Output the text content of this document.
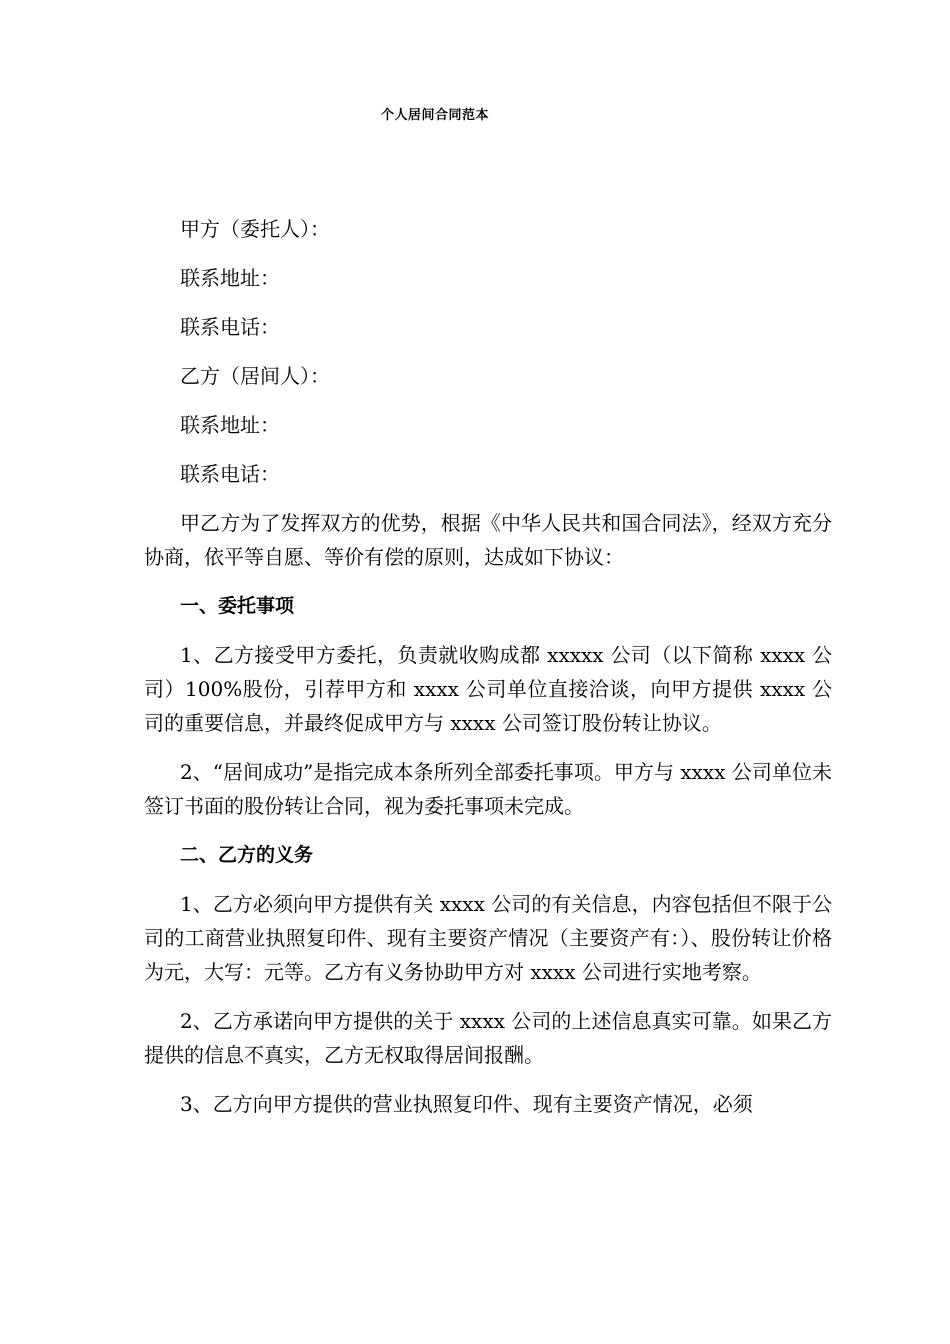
个人居间合同范本

甲方（委托人）：

联系地址：

联系电话：

乙方（居间人）：

联系地址：

联系电话：

甲乙方为了发挥双方的优势，根据《中华人民共和国合同法》，经双方充分协商，依平等自愿、等价有偿的原则，达成如下协议：

一、委托事项

1、乙方接受甲方委托，负责就收购成都 xxxxx 公司（以下简称 xxxx 公司）100%股份，引荐甲方和 xxxx 公司单位直接洽谈，向甲方提供 xxxx 公司的重要信息，并最终促成甲方与 xxxx 公司签订股份转让协议。

2、“居间成功”是指完成本条所列全部委托事项。甲方与 xxxx 公司单位未签订书面的股份转让合同，视为委托事项未完成。

二、乙方的义务

1、乙方必须向甲方提供有关 xxxx 公司的有关信息，内容包括但不限于公司的工商营业执照复印件、现有主要资产情况（主要资产有：）、股份转让价格为元，大写：元等。乙方有义务协助甲方对 xxxx 公司进行实地考察。

2、乙方承诺向甲方提供的关于 xxxx 公司的上述信息真实可靠。如果乙方提供的信息不真实，乙方无权取得居间报酬。

3、乙方向甲方提供的营业执照复印件、现有主要资产情况，必须
